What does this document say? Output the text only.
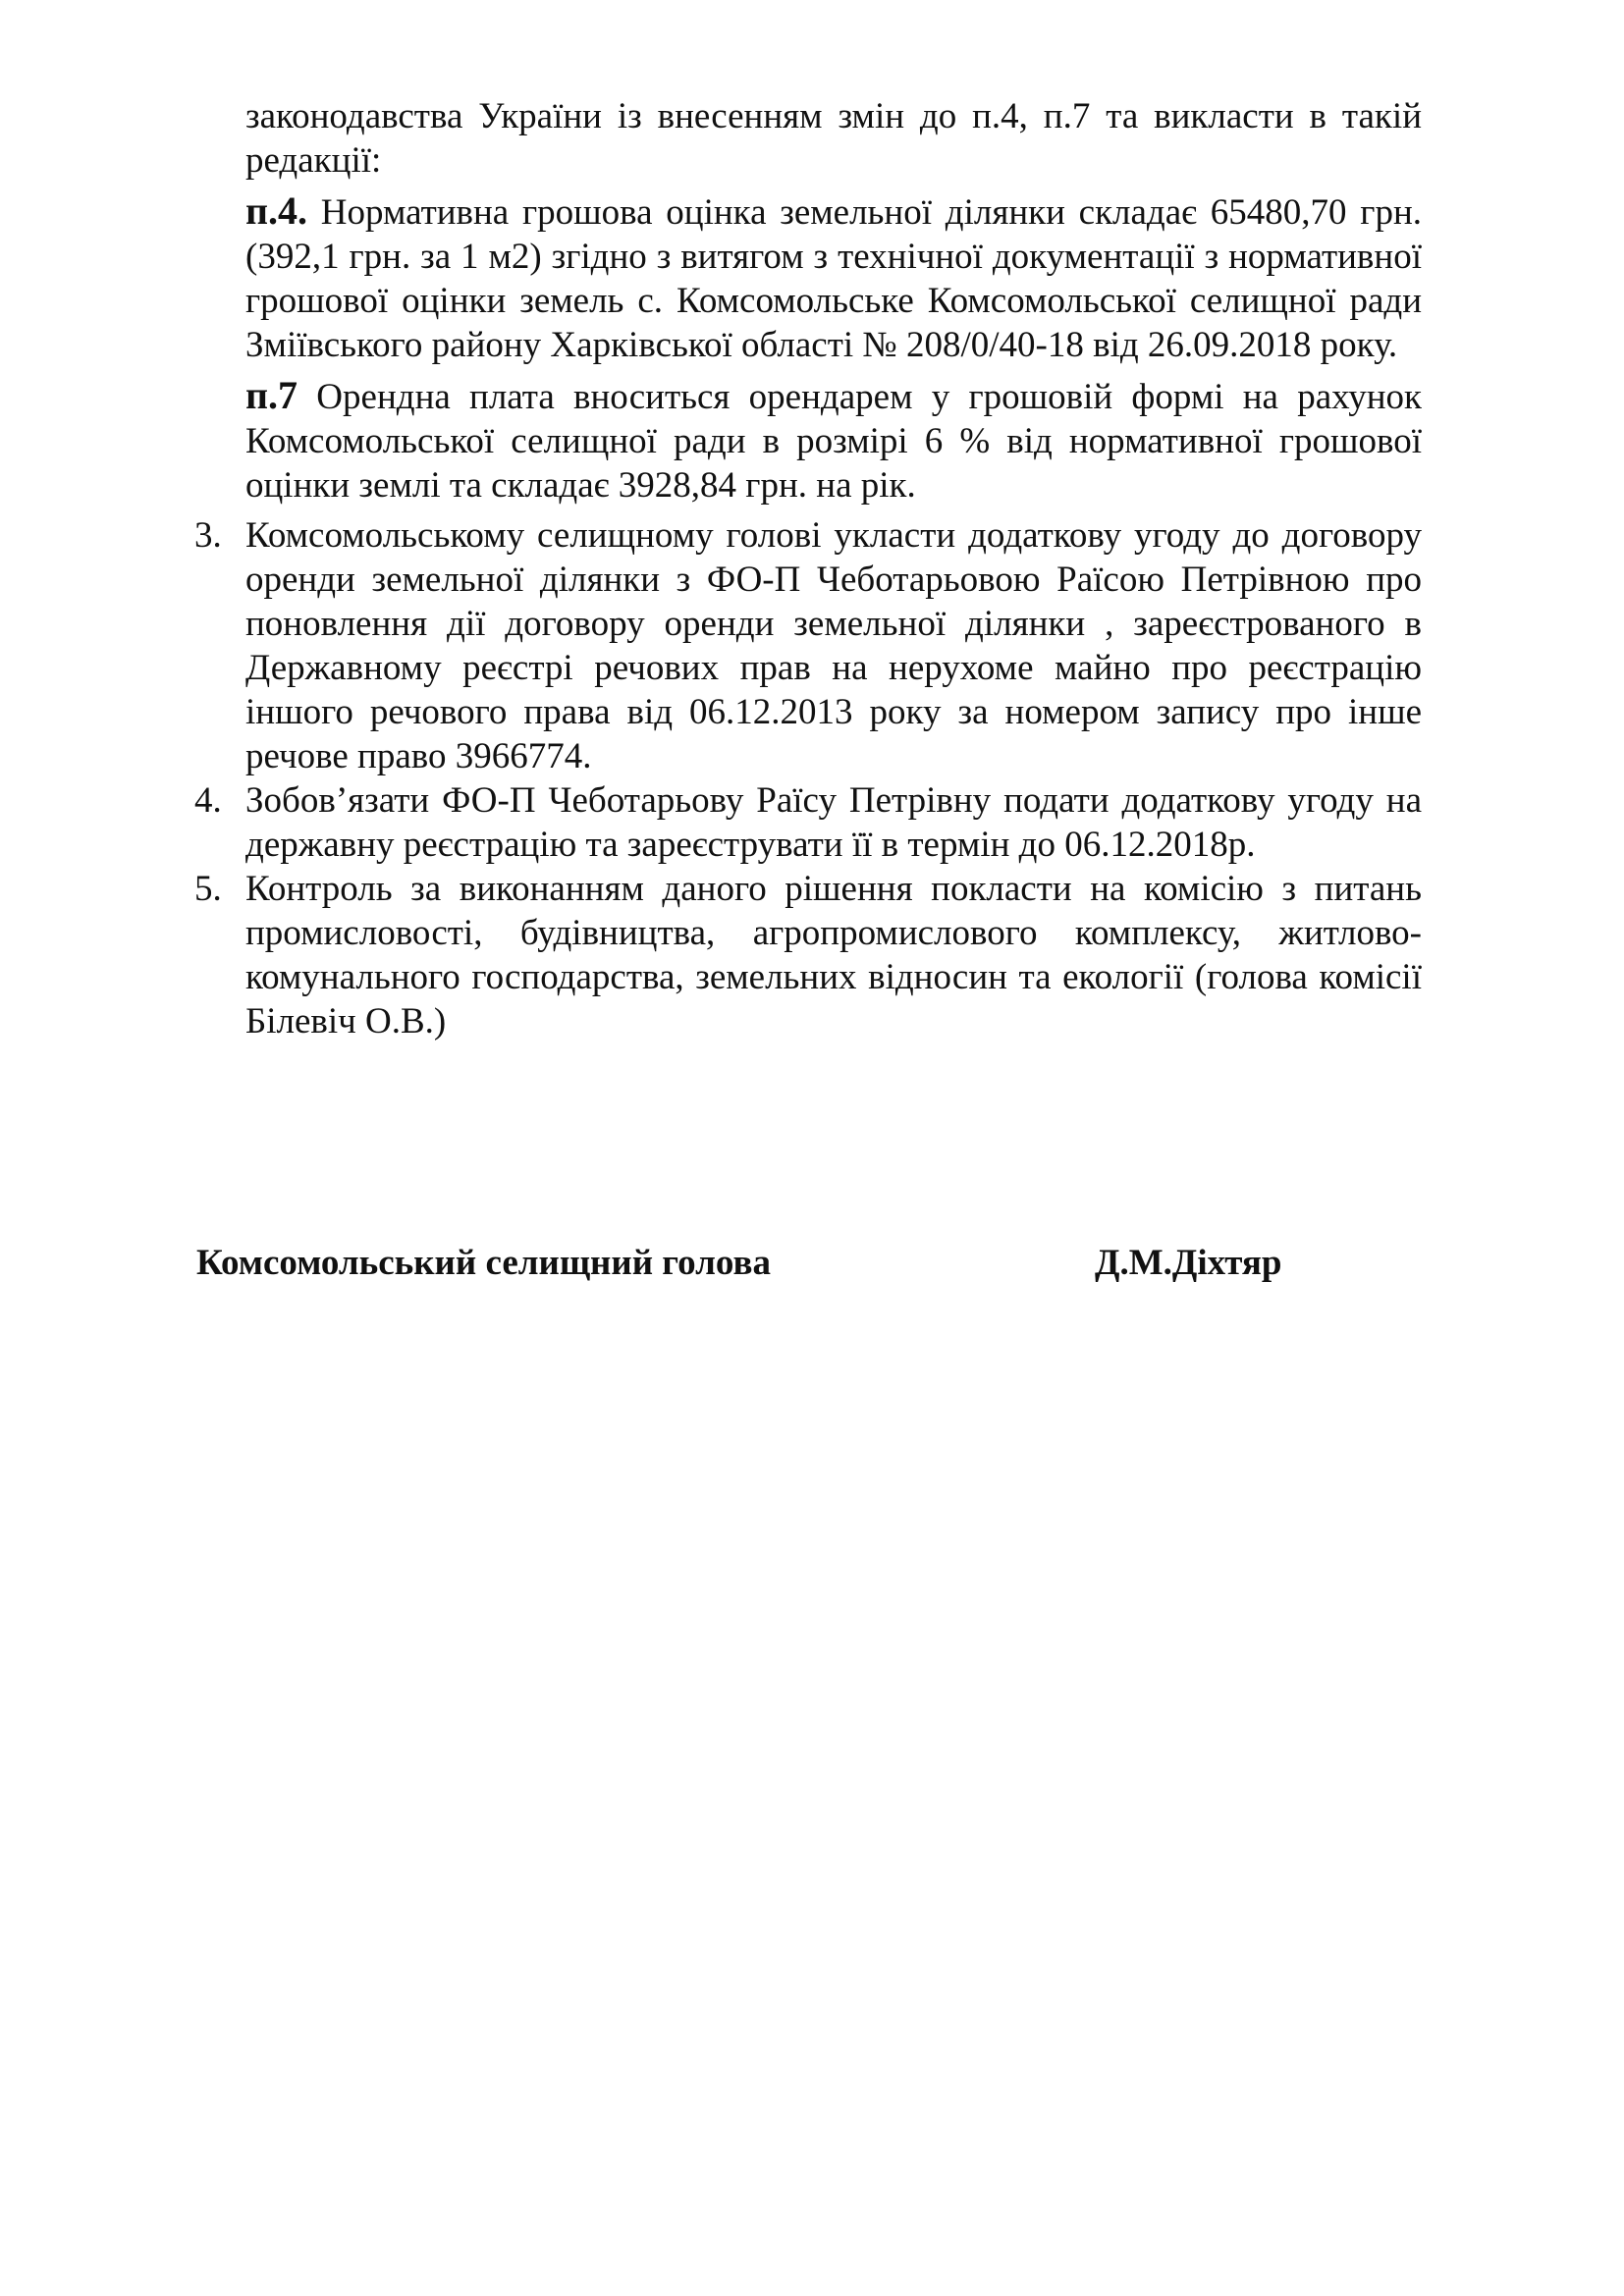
законодавства України із внесенням змін до п.4, п.7 та викласти в такій редакції:

п.4. Нормативна грошова оцінка земельної ділянки складає 65480,70 грн. (392,1 грн. за 1 м2) згідно з витягом з технічної документації з нормативної грошової оцінки земель с. Комсомольське Комсомольської селищної ради Зміївського району Харківської області № 208/0/40-18 від 26.09.2018 року.

п.7 Орендна плата вноситься орендарем у грошовій формі на рахунок Комсомольської селищної ради в розмірі 6 % від нормативної грошової оцінки землі та складає 3928,84 грн. на рік.

3. Комсомольському селищному голові укласти додаткову угоду до договору оренди земельної ділянки з ФО-П Чеботарьовою Раїсою Петрівною про поновлення дії договору оренди земельної ділянки , зареєстрованого в Державному реєстрі речових прав на нерухоме майно про реєстрацію іншого речового права від 06.12.2013 року за номером запису про інше речове право 3966774.
4. Зобов’язати ФО-П Чеботарьову Раїсу Петрівну подати додаткову угоду на державну реєстрацію та зареєструвати її в термін до 06.12.2018р.
5. Контроль за виконанням даного рішення покласти на комісію з питань промисловості, будівництва, агропромислового комплексу, житлово-комунального господарства, земельних відносин та екології (голова комісії Білевіч О.В.)
Комсомольський селищний голова	Д.М.Діхтяр
